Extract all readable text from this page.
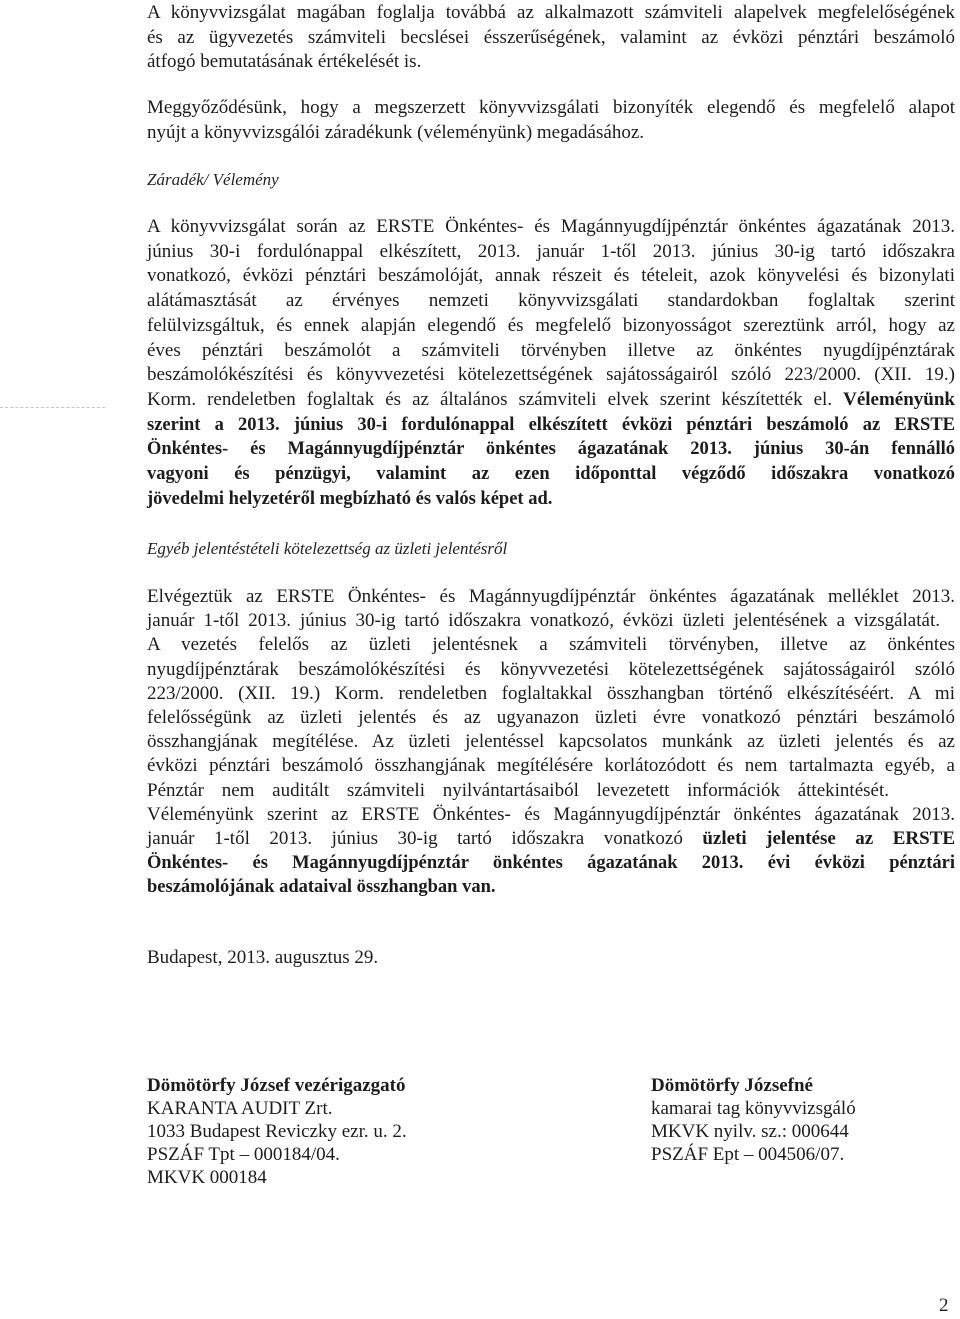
A könyvvizsgálat magában foglalja továbbá az alkalmazott számviteli alapelvek megfelelőségének
és az ügyvezetés számviteli becslései ésszerűségének, valamint az évközi pénztári beszámoló
átfogó bemutatásának értékelését is.
Meggyőződésünk, hogy a megszerzett könyvvizsgálati bizonyíték elegendő és megfelelő alapot
nyújt a könyvvizsgálói záradékunk (véleményünk) megadásához.
Záradék/ Vélemény
A könyvvizsgálat során az ERSTE Önkéntes- és Magánnyugdíjpénztár önkéntes ágazatának 2013.
június 30-i fordulónappal elkészített, 2013. január 1-től 2013. június 30-ig tartó időszakra
vonatkozó, évközi pénztári beszámolóját, annak részeit és tételeit, azok könyvelési és bizonylati
alátámasztását az érvényes nemzeti könyvvizsgálati standardokban foglaltak szerint
felülvizsgáltuk, és ennek alapján elegendő és megfelelő bizonyosságot szereztünk arról, hogy az
éves pénztári beszámolót a számviteli törvényben illetve az önkéntes nyugdíjpénztárak
beszámolókészítési és könyvvezetési kötelezettségének sajátosságairól szóló 223/2000. (XII. 19.)
Korm. rendeletben foglaltak és az általános számviteli elvek szerint készítették el. Véleményünk
szerint a 2013. június 30-i fordulónappal elkészített évközi pénztári beszámoló az ERSTE
Önkéntes- és Magánnyugdíjpénztár önkéntes ágazatának 2013. június 30-án fennálló
vagyoni és pénzügyi, valamint az ezen időponttal végződő időszakra vonatkozó
jövedelmi helyzetéről megbízható és valós képet ad.
Egyéb jelentéstételi kötelezettség az üzleti jelentésről
Elvégeztük az ERSTE Önkéntes- és Magánnyugdíjpénztár önkéntes ágazatának melléklet 2013.
január 1-től 2013. június 30-ig tartó időszakra vonatkozó, évközi üzleti jelentésének a vizsgálatát.
A vezetés felelős az üzleti jelentésnek a számviteli törvényben, illetve az önkéntes
nyugdíjpénztárak beszámolókészítési és könyvvezetési kötelezettségének sajátosságairól szóló
223/2000. (XII. 19.) Korm. rendeletben foglaltakkal összhangban történő elkészítéséért. A mi
felelősségünk az üzleti jelentés és az ugyanazon üzleti évre vonatkozó pénztári beszámoló
összhangjának megítélése. Az üzleti jelentéssel kapcsolatos munkánk az üzleti jelentés és az
évközi pénztári beszámoló összhangjának megítélésére korlátozódott és nem tartalmazta egyéb, a
Pénztár nem auditált számviteli nyilvántartásaiból levezetett információk áttekintését.
Véleményünk szerint az ERSTE Önkéntes- és Magánnyugdíjpénztár önkéntes ágazatának 2013.
január 1-től 2013. június 30-ig tartó időszakra vonatkozó üzleti jelentése az ERSTE
Önkéntes- és Magánnyugdíjpénztár önkéntes ágazatának 2013. évi évközi pénztári
beszámolójának adataival összhangban van.
Budapest, 2013. augusztus 29.
Dömötörfy József vezérigazgató
KARANTA AUDIT Zrt.
1033 Budapest Reviczky ezr. u. 2.
PSZÁF Tpt – 000184/04.
MKVK 000184
Dömötörfy Józsefné
kamarai tag könyvvizsgáló
MKVK nyilv. sz.: 000644
PSZÁF Ept – 004506/07.
2
